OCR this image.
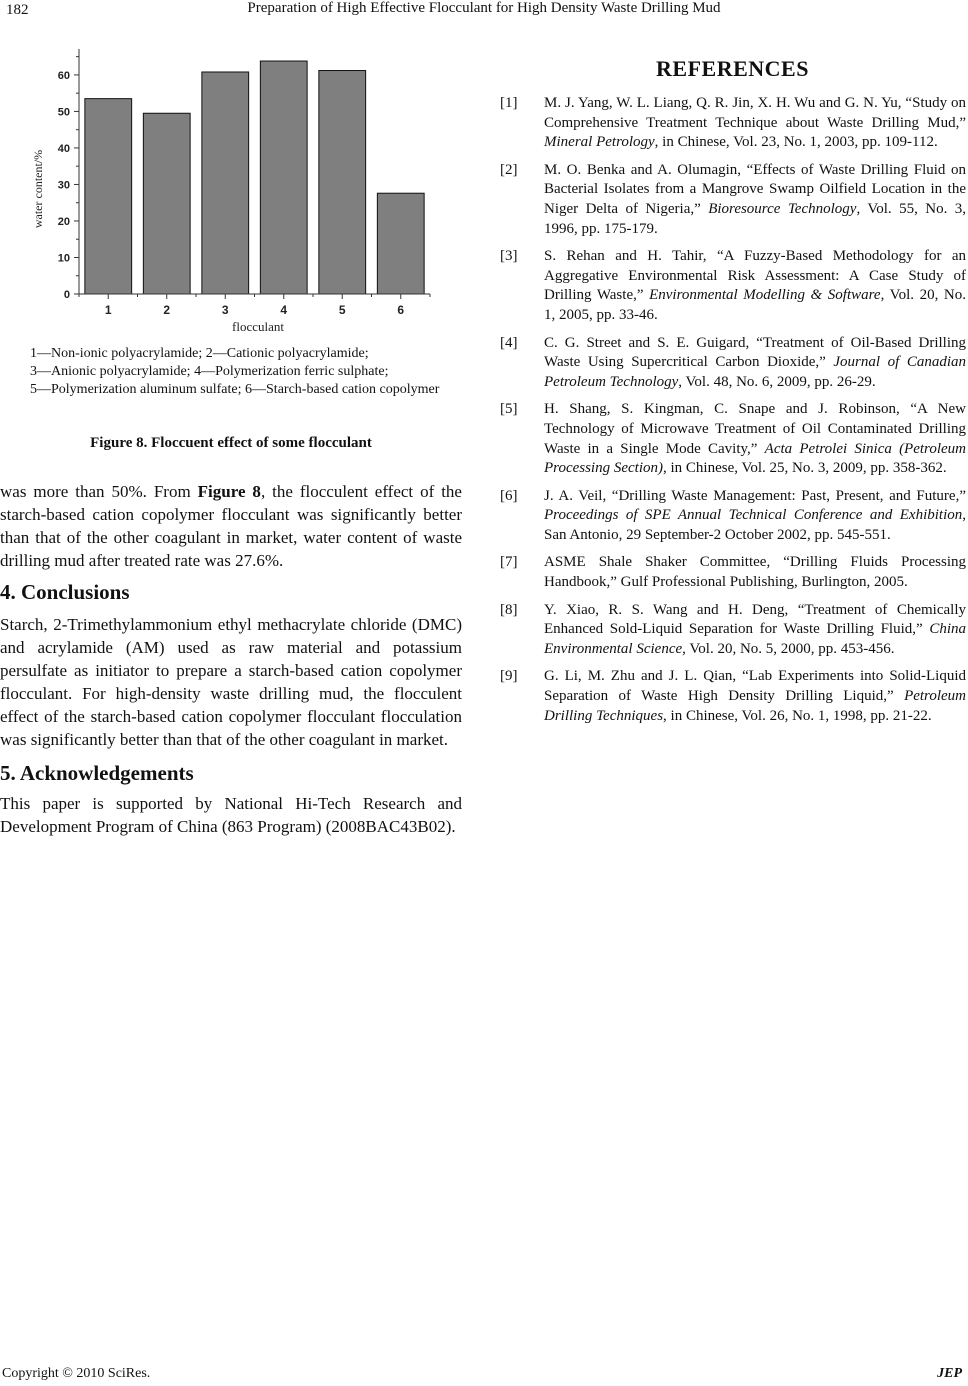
182	Preparation of High Effective Flocculant for High Density Waste Drilling Mud
0
10
20
30
40
50
60
1	2	3	4	5	6
water content/%
flocculant
1—Non-ionic polyacrylamide; 2—Cationic polyacrylamide;
3—Anionic polyacrylamide; 4—Polymerization ferric sulphate;
5—Polymerization aluminum sulfate; 6—Starch-based cation copolymer
Figure 8. Floccuent effect of some flocculant

was more than 50%. From Figure 8, the flocculent effect of the starch-based cation copolymer flocculant was significantly better than that of the other coagulant in market, water content of waste drilling mud after treated rate was 27.6%.

4. Conclusions

Starch, 2-Trimethylammonium ethyl methacrylate chloride (DMC) and acrylamide (AM) used as raw material and potassium persulfate as initiator to prepare a starch-based cation copolymer flocculant. For high-density waste drilling mud, the flocculent effect of the starch-based cation copolymer flocculant flocculation was significantly better than that of the other coagulant in market.

5. Acknowledgements

This paper is supported by National Hi-Tech Research and Development Program of China (863 Program) (2008BAC43B02).

REFERENCES
[1]	M. J. Yang, W. L. Liang, Q. R. Jin, X. H. Wu and G. N. Yu, “Study on Comprehensive Treatment Technique about Waste Drilling Mud,” Mineral Petrology, in Chinese, Vol. 23, No. 1, 2003, pp. 109-112.
[2]	M. O. Benka and A. Olumagin, “Effects of Waste Drilling Fluid on Bacterial Isolates from a Mangrove Swamp Oilfield Location in the Niger Delta of Nigeria,” Bioresource Technology, Vol. 55, No. 3, 1996, pp. 175-179.
[3]	S. Rehan and H. Tahir, “A Fuzzy-Based Methodology for an Aggregative Environmental Risk Assessment: A Case Study of Drilling Waste,” Environmental Modelling & Software, Vol. 20, No. 1, 2005, pp. 33-46.
[4]	C. G. Street and S. E. Guigard, “Treatment of Oil-Based Drilling Waste Using Supercritical Carbon Dioxide,” Journal of Canadian Petroleum Technology, Vol. 48, No. 6, 2009, pp. 26-29.
[5]	H. Shang, S. Kingman, C. Snape and J. Robinson, “A New Technology of Microwave Treatment of Oil Contaminated Drilling Waste in a Single Mode Cavity,” Acta Petrolei Sinica (Petroleum Processing Section), in Chinese, Vol. 25, No. 3, 2009, pp. 358-362.
[6]	J. A. Veil, “Drilling Waste Management: Past, Present, and Future,” Proceedings of SPE Annual Technical Conference and Exhibition, San Antonio, 29 September-2 October 2002, pp. 545-551.
[7]	ASME Shale Shaker Committee, “Drilling Fluids Processing Handbook,” Gulf Professional Publishing, Burlington, 2005.
[8]	Y. Xiao, R. S. Wang and H. Deng, “Treatment of Chemically Enhanced Sold-Liquid Separation for Waste Drilling Fluid,” China Environmental Science, Vol. 20, No. 5, 2000, pp. 453-456.
[9]	G. Li, M. Zhu and J. L. Qian, “Lab Experiments into Solid-Liquid Separation of Waste High Density Drilling Liquid,” Petroleum Drilling Techniques, in Chinese, Vol. 26, No. 1, 1998, pp. 21-22.
Copyright © 2010 SciRes.	JEP
